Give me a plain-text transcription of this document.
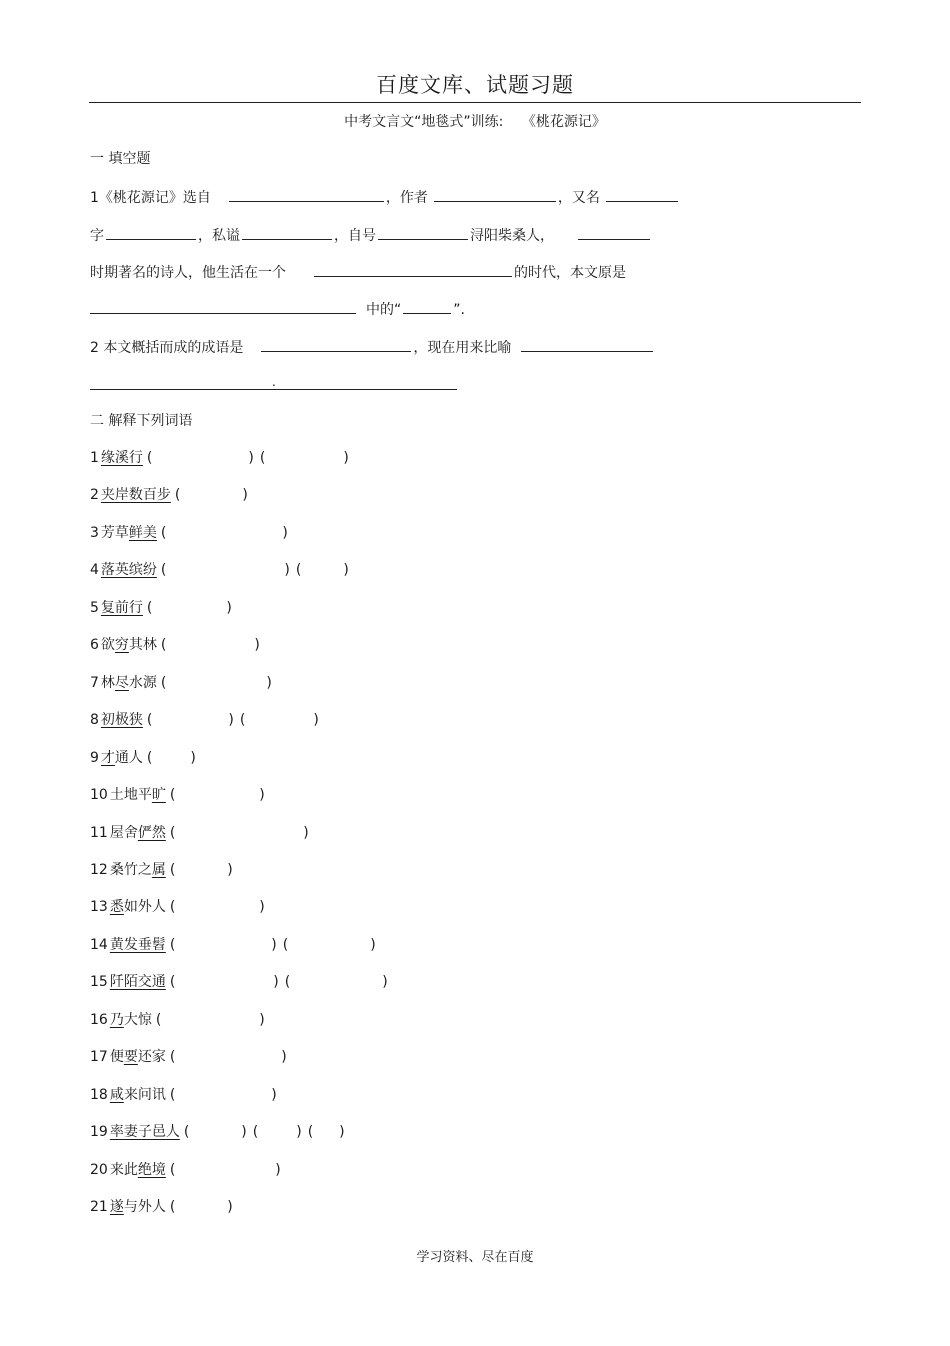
百度文库、试题习题
中考文言文“地毯式”训练:　 《桃花源记》
一 填空题
1《桃花源记》选自	，作者	，又名
字	，私谥	，自号	浔阳柴桑人，
时期著名的诗人，他生活在一个	的时代，本文原是
中的“	”.
2 本文概括而成的成语是	，现在用来比喻
.
二 解释下列词语
1 缘溪行 (	) (	)
2 夹岸数百步 (	)
3 芳草鲜美 (	)
4 落英缤纷 (	) (	)
5 复前行 (	)
6 欲穷其林 (	)
7 林尽水源 (	)
8 初极狭 (	) (	)
9 才通人 (	)
10 土地平旷 (	)
11 屋舍俨然 (	)
12 桑竹之属 (	)
13 悉如外人 (	)
14 黄发垂髫 (	) (	)
15 阡陌交通 (	) (	)
16 乃大惊 (	)
17 便要还家 (	)
18 咸来问讯 (	)
19 率妻子邑人 (	) (	) ( )
20 来此绝境 (	)
21 遂与外人 (	)
学习资料、尽在百度
